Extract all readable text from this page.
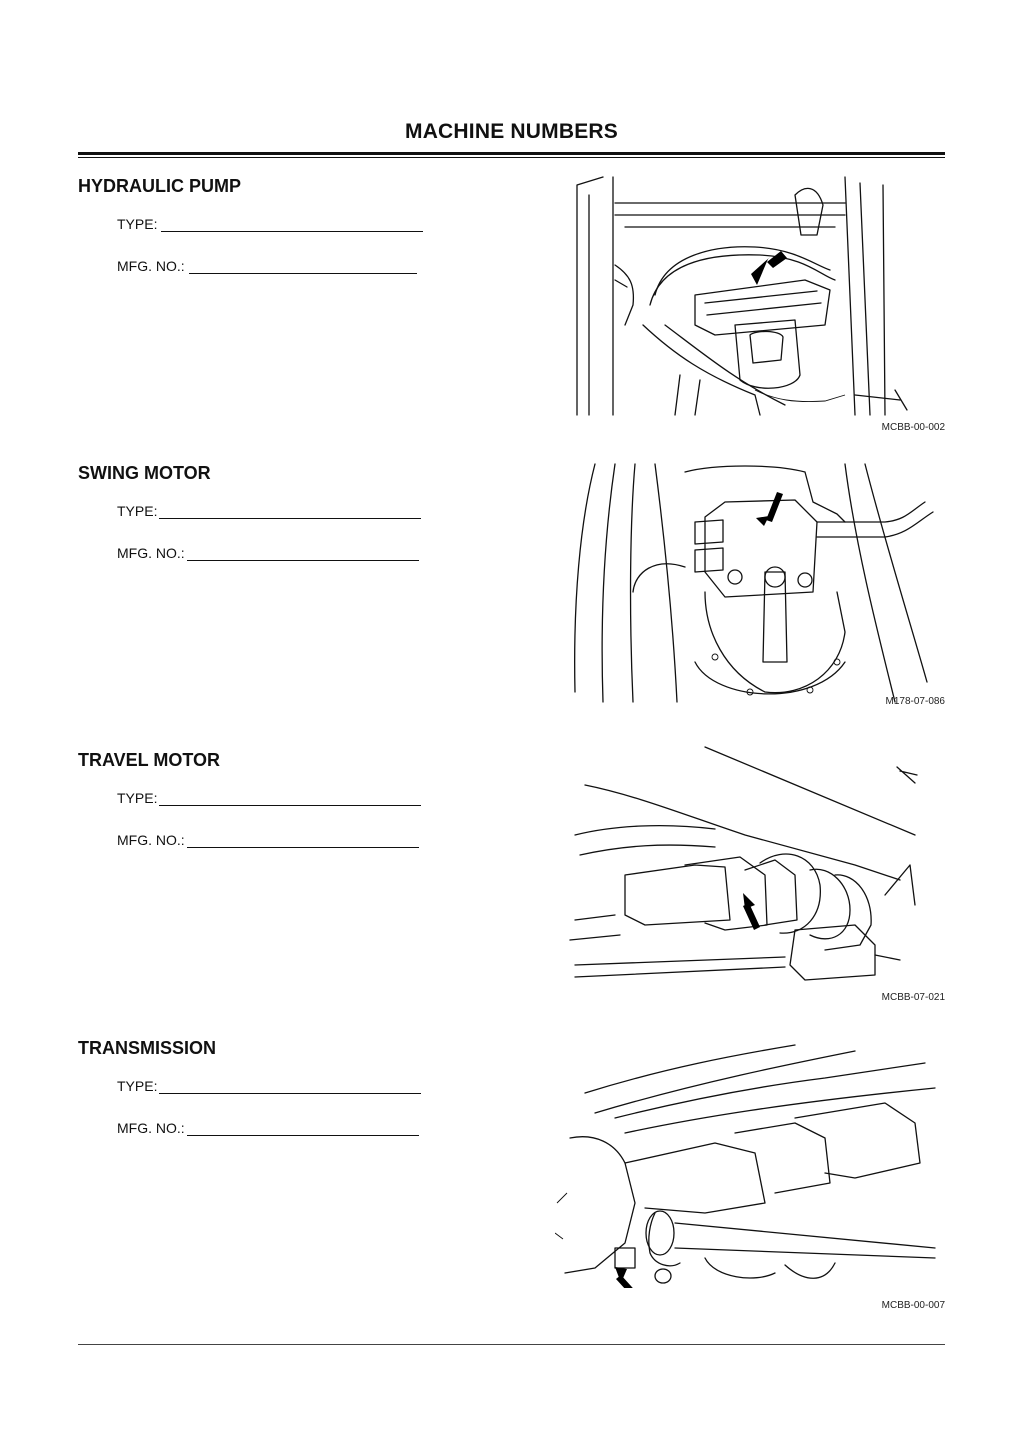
MACHINE NUMBERS
HYDRAULIC PUMP
TYPE:
MFG. NO.:
MCBB-00-002
SWING MOTOR
TYPE:
MFG. NO.:
M178-07-086
TRAVEL MOTOR
TYPE:
MFG. NO.:
MCBB-07-021
TRANSMISSION
TYPE:
MFG. NO.:
MCBB-00-007
